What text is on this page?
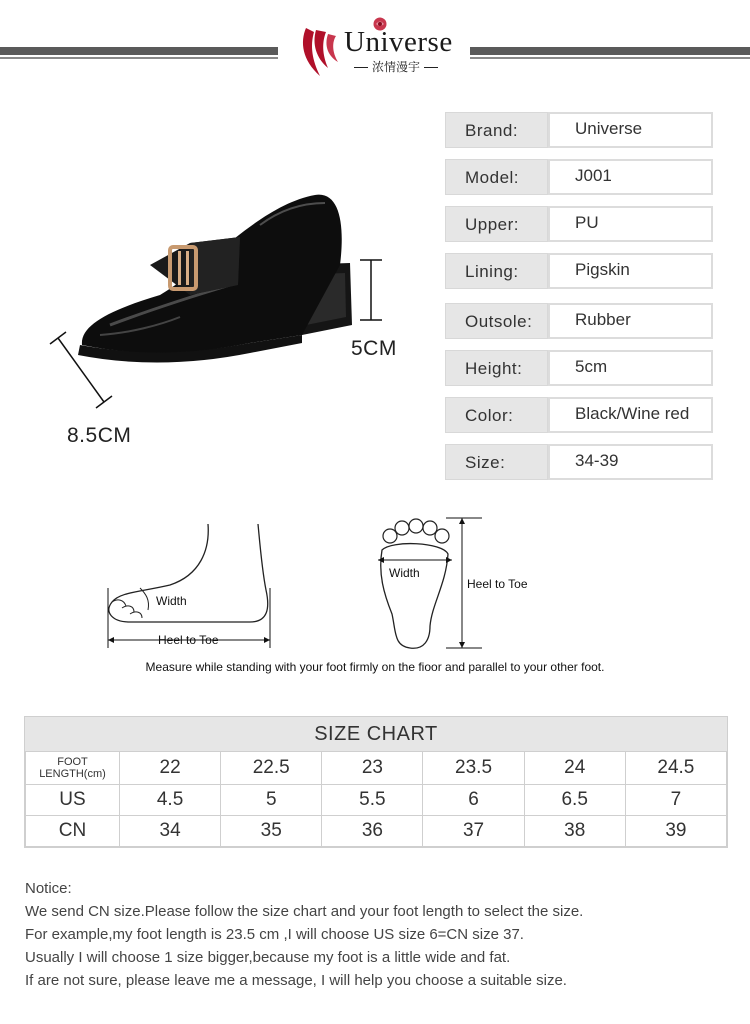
Universe
浓情漫宇
8.5CM
5CM
Brand:	Universe
Model:	J001
Upper:	PU
Lining:	Pigskin
Outsole:	Rubber
Height:	5cm
Color:	Black/Wine red
Size:	34-39
Width
Heel to Toe
Width
Heel to Toe
Measure while standing with your foot firmly on the fioor and parallel to your other foot.
SIZE CHART
FOOT
LENGTH(cm)	22	22.5	23	23.5	24	24.5
US	4.5	5	5.5	6	6.5	7
CN	34	35	36	37	38	39
Notice:
We send CN size.Please follow the size chart and your foot length to select the size.
For example,my foot length is 23.5 cm ,I will choose US size 6=CN size 37.
Usually I will choose 1 size bigger,because my foot is a little wide and fat.
If are not sure, please leave me a message, I will help you choose a suitable size.
